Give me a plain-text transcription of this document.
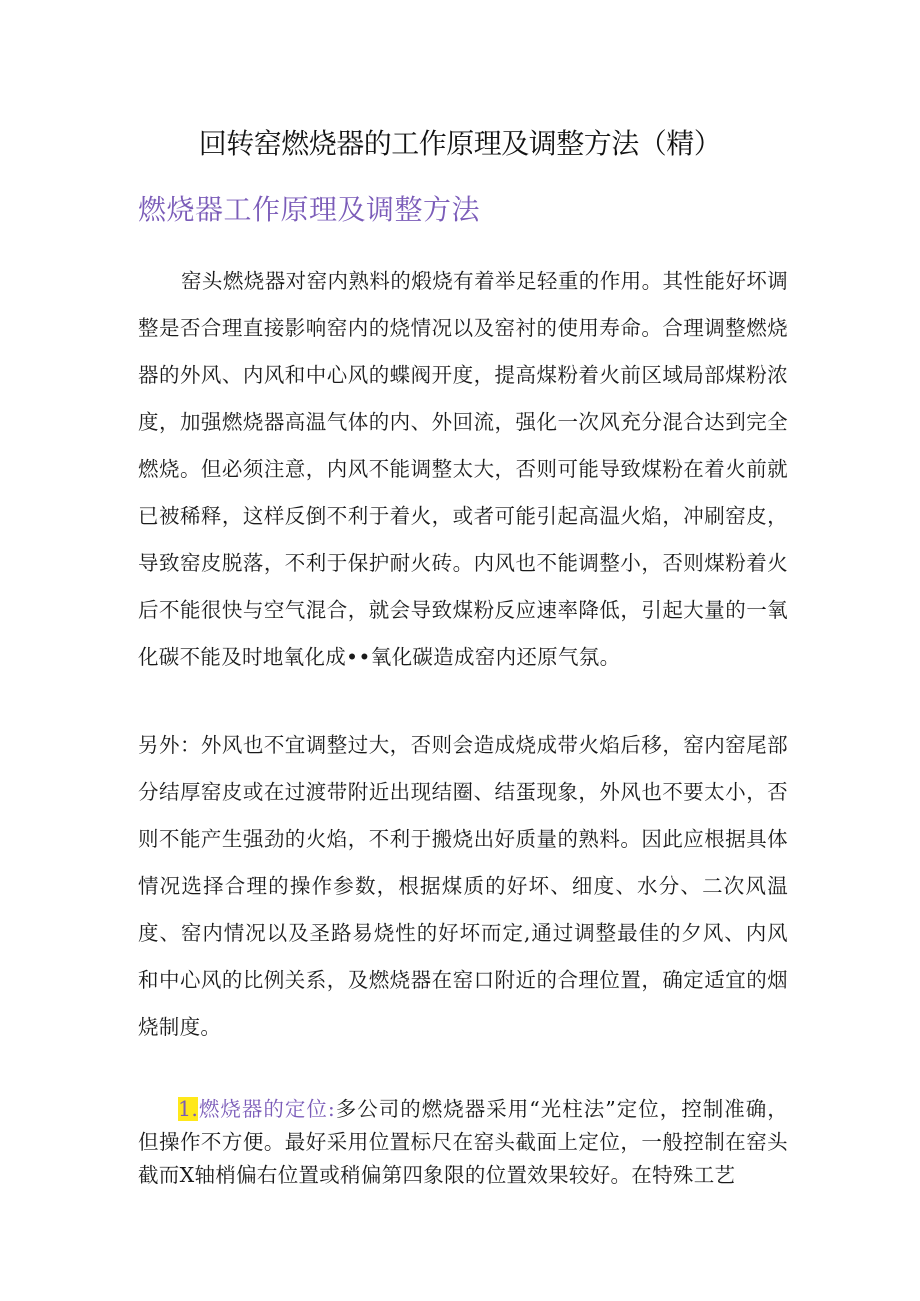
回转窑燃烧器的工作原理及调整方法（精）
燃烧器工作原理及调整方法

窑头燃烧器对窑内熟料的煅烧有着举足轻重的作用。其性能好坏调整是否合理直接影响窑内的烧情况以及窑衬的使用寿命。合理调整燃烧器的外风、内风和中心风的蝶阀开度，提高煤粉着火前区域局部煤粉浓度，加强燃烧器高温气体的内、外回流，强化一次风充分混合达到完全燃烧。但必须注意，内风不能调整太大，否则可能导致煤粉在着火前就已被稀释，这样反倒不利于着火，或者可能引起高温火焰，冲刷窑皮，导致窑皮脱落，不利于保护耐火砖。内风也不能调整小，否则煤粉着火后不能很快与空气混合，就会导致煤粉反应速率降低，引起大量的一氧化碳不能及时地氧化成••氧化碳造成窑内还原气氛。

另外：外风也不宜调整过大，否则会造成烧成带火焰后移，窑内窑尾部分结厚窑皮或在过渡带附近出现结圈、结蛋现象，外风也不要太小，否则不能产生强劲的火焰，不利于搬烧出好质量的熟料。因此应根据具体情况选择合理的操作参数，根据煤质的好坏、细度、水分、二次风温度、窑内情况以及圣路易烧性的好坏而定,通过调整最佳的夕风、内风和中心风的比例关系，及燃烧器在窑口附近的合理位置，确定适宜的烟烧制度。

1.燃烧器的定位:多公司的燃烧器采用“光柱法”定位，控制准确，但操作不方便。最好采用位置标尺在窑头截面上定位，一般控制在窑头截而X轴梢偏右位置或稍偏第四象限的位置效果较好。在特殊工艺
